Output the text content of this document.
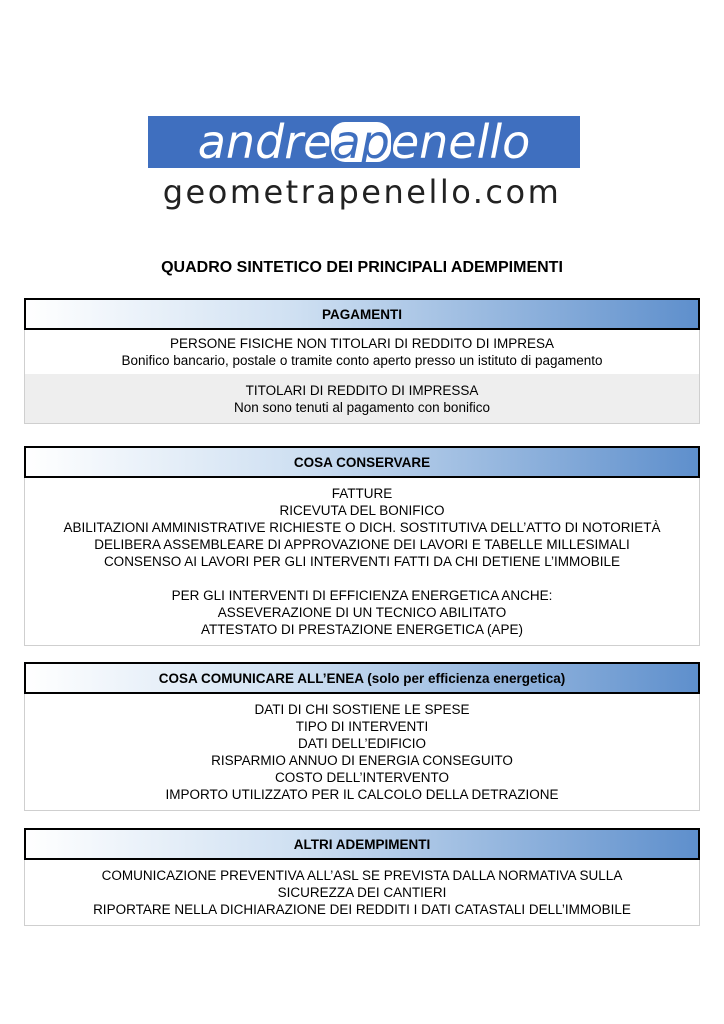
andre ap enello
geometrapenello.com
QUADRO SINTETICO DEI PRINCIPALI ADEMPIMENTI
PAGAMENTI
PERSONE FISICHE NON TITOLARI DI REDDITO DI IMPRESA
Bonifico bancario, postale o tramite conto aperto presso un istituto di pagamento
TITOLARI DI REDDITO DI IMPRESSA
Non sono tenuti al pagamento con bonifico
COSA CONSERVARE
FATTURE
RICEVUTA DEL BONIFICO
ABILITAZIONI AMMINISTRATIVE RICHIESTE O DICH. SOSTITUTIVA DELL’ATTO DI NOTORIETÀ
DELIBERA ASSEMBLEARE DI APPROVAZIONE DEI LAVORI E TABELLE MILLESIMALI
CONSENSO AI LAVORI PER GLI INTERVENTI FATTI DA CHI DETIENE L’IMMOBILE
PER GLI INTERVENTI DI EFFICIENZA ENERGETICA ANCHE:
ASSEVERAZIONE DI UN TECNICO ABILITATO
ATTESTATO DI PRESTAZIONE ENERGETICA (APE)
COSA COMUNICARE ALL’ENEA (solo per efficienza energetica)
DATI DI CHI SOSTIENE LE SPESE
TIPO DI INTERVENTI
DATI DELL’EDIFICIO
RISPARMIO ANNUO DI ENERGIA CONSEGUITO
COSTO DELL’INTERVENTO
IMPORTO UTILIZZATO PER IL CALCOLO DELLA DETRAZIONE
ALTRI ADEMPIMENTI
COMUNICAZIONE PREVENTIVA ALL’ASL SE PREVISTA DALLA NORMATIVA SULLA
SICUREZZA DEI CANTIERI
RIPORTARE NELLA DICHIARAZIONE DEI REDDITI I DATI CATASTALI DELL’IMMOBILE
